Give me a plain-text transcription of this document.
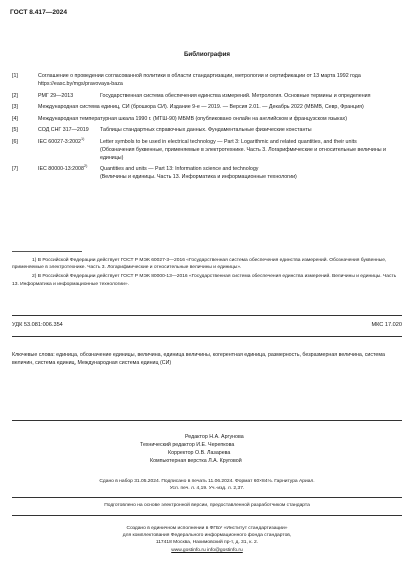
ГОСТ 8.417—2024
Библиография
[1]	Соглашение о проведении согласованной политики в области стандартизации, метрологии и сертификации от 13 марта 1992 года https://easc.by/mgs/pravovaya-baza
[2]	РМГ 29—2013	Государственная система обеспечения единства измерений. Метрология. Основные термины и определения
[3]	Международная система единиц, СИ (брошюра СИ). Издание 9-е — 2019. — Версия 2.01. — Декабрь 2022 (МБМВ, Севр, Франция)
[4]	Международная температурная шкала 1990 г. (МТШ-90) МБМВ (опубликовано онлайн на английском и французском языках)
[5]	СОД СНГ 317—2019	Таблицы стандартных справочных данных. Фундаментальные физические константы
[6]	IEC 60027-3:2002$^{1)}$	Letter symbols to be used in electrical technology — Part 3: Logarithmic and related quantities, and their units
(Обозначения буквенные, применяемые в электротехнике. Часть 3. Логарифмические и относительные величины и единицы)
[7]	IEC 80000-13:2008$^{2)}$	Quantities and units — Part 13: Information science and technology
(Величины и единицы. Часть 13. Информатика и информационные технологии)
1) В Российской Федерации действует ГОСТ Р МЭК 60027-3—2016 «Государственная система обеспечения единства измерений. Обозначения буквенные, применяемые в электротехнике. Часть 3. Логарифмические и относительные величины и единицы».
2) В Российской Федерации действует ГОСТ Р МЭК 80000-13—2016 «Государственная система обеспечения единства измерений. Величины и единицы. Часть 13. Информатика и информационные технологии».
УДК 53.081:006.354	МКС 17.020
Ключевые слова: единица, обозначение единицы, величина, единица величины, когерентная единица, размерность, безразмерная величина, система величин, система единиц, Международная система единиц (СИ)
Редактор Н.А. Аргунова
Технический редактор И.Е. Черепкова
Корректор О.В. Лазарева
Компьютерная верстка Л.А. Круговой
Сдано в набор 31.05.2024. Подписано в печать 11.06.2024. Формат 60×84⅛. Гарнитура Ариал.
Усл. печ. л. 4,19. Уч.-изд. л. 2,37.
Подготовлено на основе электронной версии, предоставленной разработчиком стандарта
Создано в единичном исполнении в ФГБУ «Институт стандартизации»
для комплектования Федерального информационного фонда стандартов,
117418 Москва, Нахимовский пр-т, д. 31, к. 2.
www.gostinfo.ru info@gostinfo.ru
